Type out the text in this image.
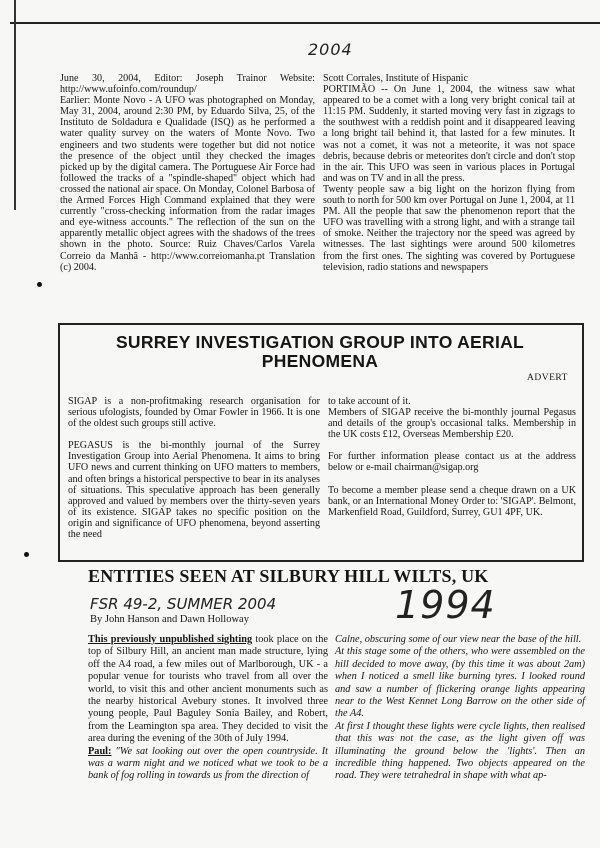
2004

June 30, 2004, Editor: Joseph Trainor Website: http://www.ufoinfo.com/roundup/

Earlier: Monte Novo - A UFO was photographed on Monday, May 31, 2004, around 2:30 PM, by Eduardo Silva, 25, of the Instituto de Soldadura e Qualidade (ISQ) as he performed a water quality survey on the waters of Monte Novo. Two engineers and two students were together but did not notice the presence of the object until they checked the images picked up by the digital camera. The Portuguese Air Force had followed the tracks of a "spindle-shaped" object which had crossed the national air space. On Monday, Colonel Barbosa of the Armed Forces High Command explained that they were currently "cross-checking information from the radar images and eye-witness accounts." The reflection of the sun on the apparently metallic object agrees with the shadows of the trees shown in the photo. Source: Ruiz Chaves/Carlos Varela Correio da Manhã - http://www.correiomanha.pt Translation (c) 2004.

Scott Corrales, Institute of Hispanic

PORTIMÃO -- On June 1, 2004, the witness saw what appeared to be a comet with a long very bright conical tail at 11:15 PM. Suddenly, it started moving very fast in zigzags to the southwest with a reddish point and it disappeared leaving a long bright tail behind it, that lasted for a few minutes. It was not a comet, it was not a meteorite, it was not space debris, because debris or meteorites don't circle and don't stop in the air. This UFO was seen in various places in Portugal and was on TV and in all the press.

Twenty people saw a big light on the horizon flying from south to north for 500 km over Portugal on June 1, 2004, at 11 PM. All the people that saw the phenomenon report that the UFO was travelling with a strong light, and with a strange tail of smoke. Neither the trajectory nor the speed was agreed by witnesses. The last sightings were around 500 kilometres from the first ones. The sighting was covered by Portuguese television, radio stations and newspapers

SURREY INVESTIGATION GROUP INTO AERIAL PHENOMENA
ADVERT

SIGAP is a non-profitmaking research organisation for serious ufologists, founded by Omar Fowler in 1966. It is one of the oldest such groups still active.

PEGASUS is the bi-monthly journal of the Surrey Investigation Group into Aerial Phenomena. It aims to bring UFO news and current thinking on UFO matters to members, and often brings a historical perspective to bear in its analyses of situations. This speculative approach has been generally approved and valued by members over the thirty-seven years of its existence. SIGAP takes no specific position on the origin and significance of UFO phenomena, beyond asserting the need

to take account of it.

Members of SIGAP receive the bi-monthly journal Pegasus and details of the group's occasional talks. Membership in the UK costs £12, Overseas Membership £20.

For further information please contact us at the address below or e-mail chairman@sigap.org

To become a member please send a cheque drawn on a UK bank, or an International Money Order to: 'SIGAP'. Belmont, Markenfield Road, Guildford, Surrey, GU1 4PF, UK.

ENTITIES SEEN AT SILBURY HILL WILTS, UK
FSR 49-2, SUMMER 2004	1994
By John Hanson and Dawn Holloway

This previously unpublished sighting took place on the top of Silbury Hill, an ancient man made structure, lying off the A4 road, a few miles out of Marlborough, UK - a popular venue for tourists who travel from all over the world, to visit this and other ancient monuments such as the nearby historical Avebury stones. It involved three young people, Paul Baguley Sonia Bailey, and Robert, from the Leamington spa area. They decided to visit the area during the evening of the 30th of July 1994.

Paul: "We sat looking out over the open countryside. It was a warm night and we noticed what we took to be a bank of fog rolling in towards us from the direction of

Calne, obscuring some of our view near the base of the hill.

At this stage some of the others, who were assembled on the hill decided to move away, (by this time it was about 2am) when I noticed a smell like burning tyres. I looked round and saw a number of flickering orange lights appearing near to the West Kennet Long Barrow on the other side of the A4.

At first I thought these lights were cycle lights, then realised that this was not the case, as the light given off was illuminating the ground below the 'lights'. Then an incredible thing happened. Two objects appeared on the road. They were tetrahedral in shape with what ap-
